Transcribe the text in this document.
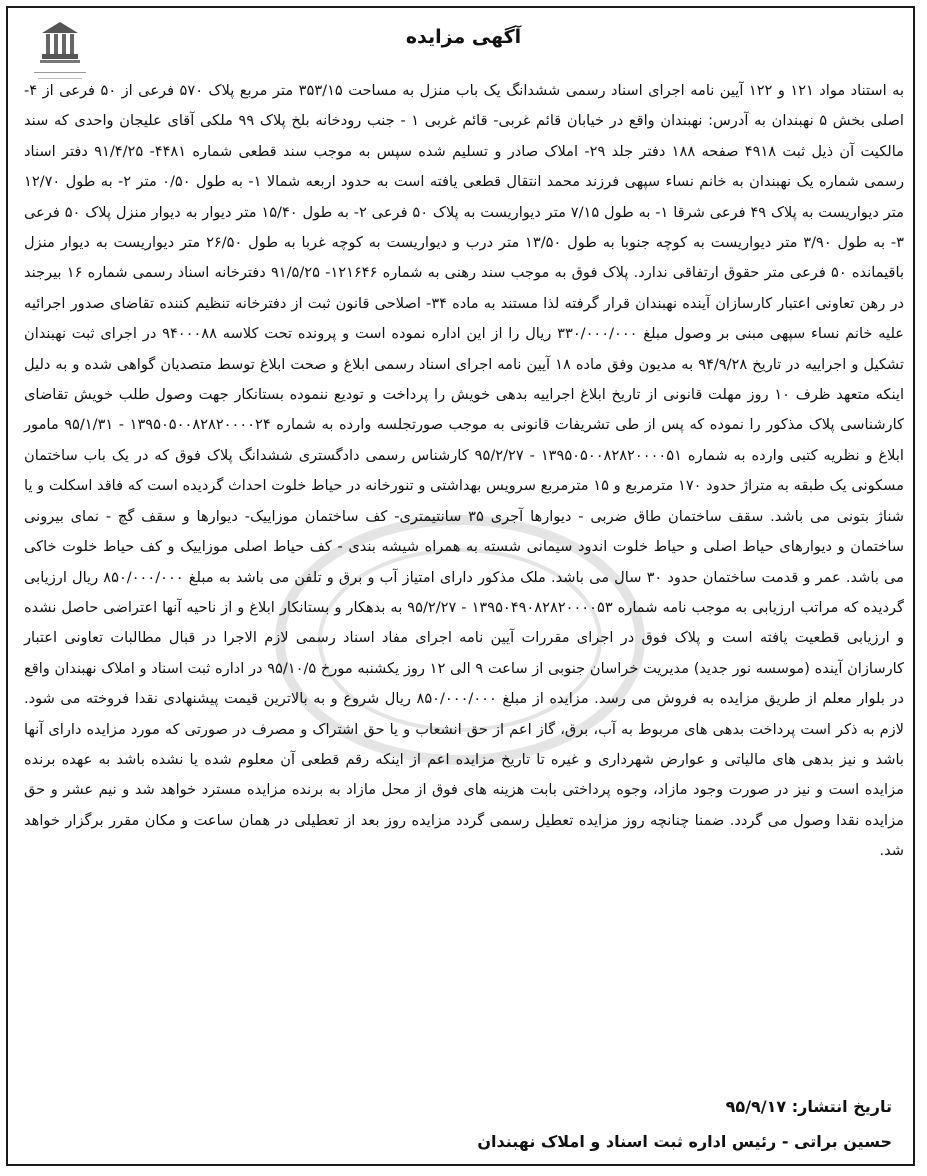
آگهی مزایده
به استناد مواد ۱۲۱ و ۱۲۲ آیین نامه اجرای اسناد رسمی ششدانگ یک باب منزل به مساحت ۳۵۳/۱۵ متر مربع پلاک ۵۷۰ فرعی از ۵۰ فرعی از ۴- اصلی بخش ۵ نهبندان به آدرس: نهبندان واقع در خیابان قائم غربی- قائم غربی ۱ - جنب رودخانه بلخ پلاک ۹۹ ملکی آقای علیجان واحدی که سند مالکیت آن ذیل ثبت ۴۹۱۸ صفحه ۱۸۸ دفتر جلد ۲۹- املاک صادر و تسلیم شده سپس به موجب سند قطعی شماره ۴۴۸۱- ۹۱/۴/۲۵ دفتر اسناد رسمی شماره یک نهبندان به خانم نساء سپهی فرزند محمد انتقال قطعی یافته است به حدود اربعه شمالا ۱- به طول ۰/۵۰ متر ۲- به طول ۱۲/۷۰ متر دیواریست به پلاک ۴۹ فرعی شرقا ۱- به طول ۷/۱۵ متر دیواریست به پلاک ۵۰ فرعی ۲- به طول ۱۵/۴۰ متر دیوار به دیوار منزل پلاک ۵۰ فرعی ۳- به طول ۳/۹۰ متر دیواریست به کوچه جنوبا به طول ۱۳/۵۰ متر درب و دیواریست به کوچه غربا به طول ۲۶/۵۰ متر دیواریست به دیوار منزل باقیمانده ۵۰ فرعی متر حقوق ارتفاقی ندارد. پلاک فوق به موجب سند رهنی به شماره ۱۲۱۶۴۶- ۹۱/۵/۲۵ دفترخانه اسناد رسمی شماره ۱۶ بیرجند در رهن تعاونی اعتبار کارسازان آینده نهبندان قرار گرفته لذا مستند به ماده ۳۴- اصلاحی قانون ثبت از دفترخانه تنظیم کننده تقاضای صدور اجرائیه علیه خانم نساء سپهی مبنی بر وصول مبلغ ۳۳۰/۰۰۰/۰۰۰ ریال را از این اداره نموده است و پرونده تحت کلاسه ۹۴۰۰۰۸۸ در اجرای ثبت نهبندان تشکیل و اجراییه در تاریخ ۹۴/۹/۲۸ به مدیون وفق ماده ۱۸ آیین نامه اجرای اسناد رسمی ابلاغ و صحت ابلاغ توسط متصدیان گواهی شده و به دلیل اینکه متعهد ظرف ۱۰ روز مهلت قانونی از تاریخ ابلاغ اجراییه بدهی خویش را پرداخت و تودیع ننموده بستانکار جهت وصول طلب خویش تقاضای کارشناسی پلاک مذکور را نموده که پس از طی تشریفات قانونی به موجب صورتجلسه وارده به شماره ۱۳۹۵۰۵۰۰۸۲۸۲۰۰۰۰۲۴ - ۹۵/۱/۳۱ مامور ابلاغ و نظریه کتبی وارده به شماره ۱۳۹۵۰۵۰۰۸۲۸۲۰۰۰۰۵۱ - ۹۵/۲/۲۷ کارشناس رسمی دادگستری ششدانگ پلاک فوق که در یک باب ساختمان مسکونی یک طبقه به متراژ حدود ۱۷۰ مترمربع و ۱۵ مترمربع سرویس بهداشتی و تنورخانه در حیاط خلوت احداث گردیده است که فاقد اسکلت و یا شناژ بتونی می باشد. سقف ساختمان طاق ضربی - دیوارها آجری ۳۵ سانتیمتری- کف ساختمان موزاییک- دیوارها و سقف گچ - نمای بیرونی ساختمان و دیوارهای حیاط اصلی و حیاط خلوت اندود سیمانی شسته به همراه شیشه بندی - کف حیاط اصلی موزاییک و کف حیاط خلوت خاکی می باشد. عمر و قدمت ساختمان حدود ۳۰ سال می باشد. ملک مذکور دارای امتیاز آب و برق و تلفن می باشد به مبلغ ۸۵۰/۰۰۰/۰۰۰ ریال ارزیابی گردیده که مراتب ارزیابی به موجب نامه شماره ۱۳۹۵۰۴۹۰۸۲۸۲۰۰۰۰۵۳ - ۹۵/۲/۲۷ به بدهکار و بستانکار ابلاغ و از ناحیه آنها اعتراضی حاصل نشده و ارزیابی قطعیت یافته است و پلاک فوق در اجرای مقررات آیین نامه اجرای مفاد اسناد رسمی لازم الاجرا در قبال مطالبات تعاونی اعتبار کارسازان آینده (موسسه نور جدید) مدیریت خراسان جنوبی از ساعت ۹ الی ۱۲ روز یکشنبه مورخ ۹۵/۱۰/۵ در اداره ثبت اسناد و املاک نهبندان واقع در بلوار معلم از طریق مزایده به فروش می رسد. مزایده از مبلغ ۸۵۰/۰۰۰/۰۰۰ ریال شروع و به بالاترین قیمت پیشنهادی نقدا فروخته می شود. لازم به ذکر است پرداخت بدهی های مربوط به آب، برق، گاز اعم از حق انشعاب و یا حق اشتراک و مصرف در صورتی که مورد مزایده دارای آنها باشد و نیز بدهی های مالیاتی و عوارض شهرداری و غیره تا تاریخ مزایده اعم از اینکه رقم قطعی آن معلوم شده یا نشده باشد به عهده برنده مزایده است و نیز در صورت وجود مازاد، وجوه پرداختی بابت هزینه های فوق از محل مازاد به برنده مزایده مسترد خواهد شد و نیم عشر و حق مزایده نقدا وصول می گردد. ضمنا چنانچه روز مزایده تعطیل رسمی گردد مزایده روز بعد از تعطیلی در همان ساعت و مکان مقرر برگزار خواهد شد.
تاریخ انتشار: ۹۵/۹/۱۷
حسین براتی - رئیس اداره ثبت اسناد و املاک نهبندان
